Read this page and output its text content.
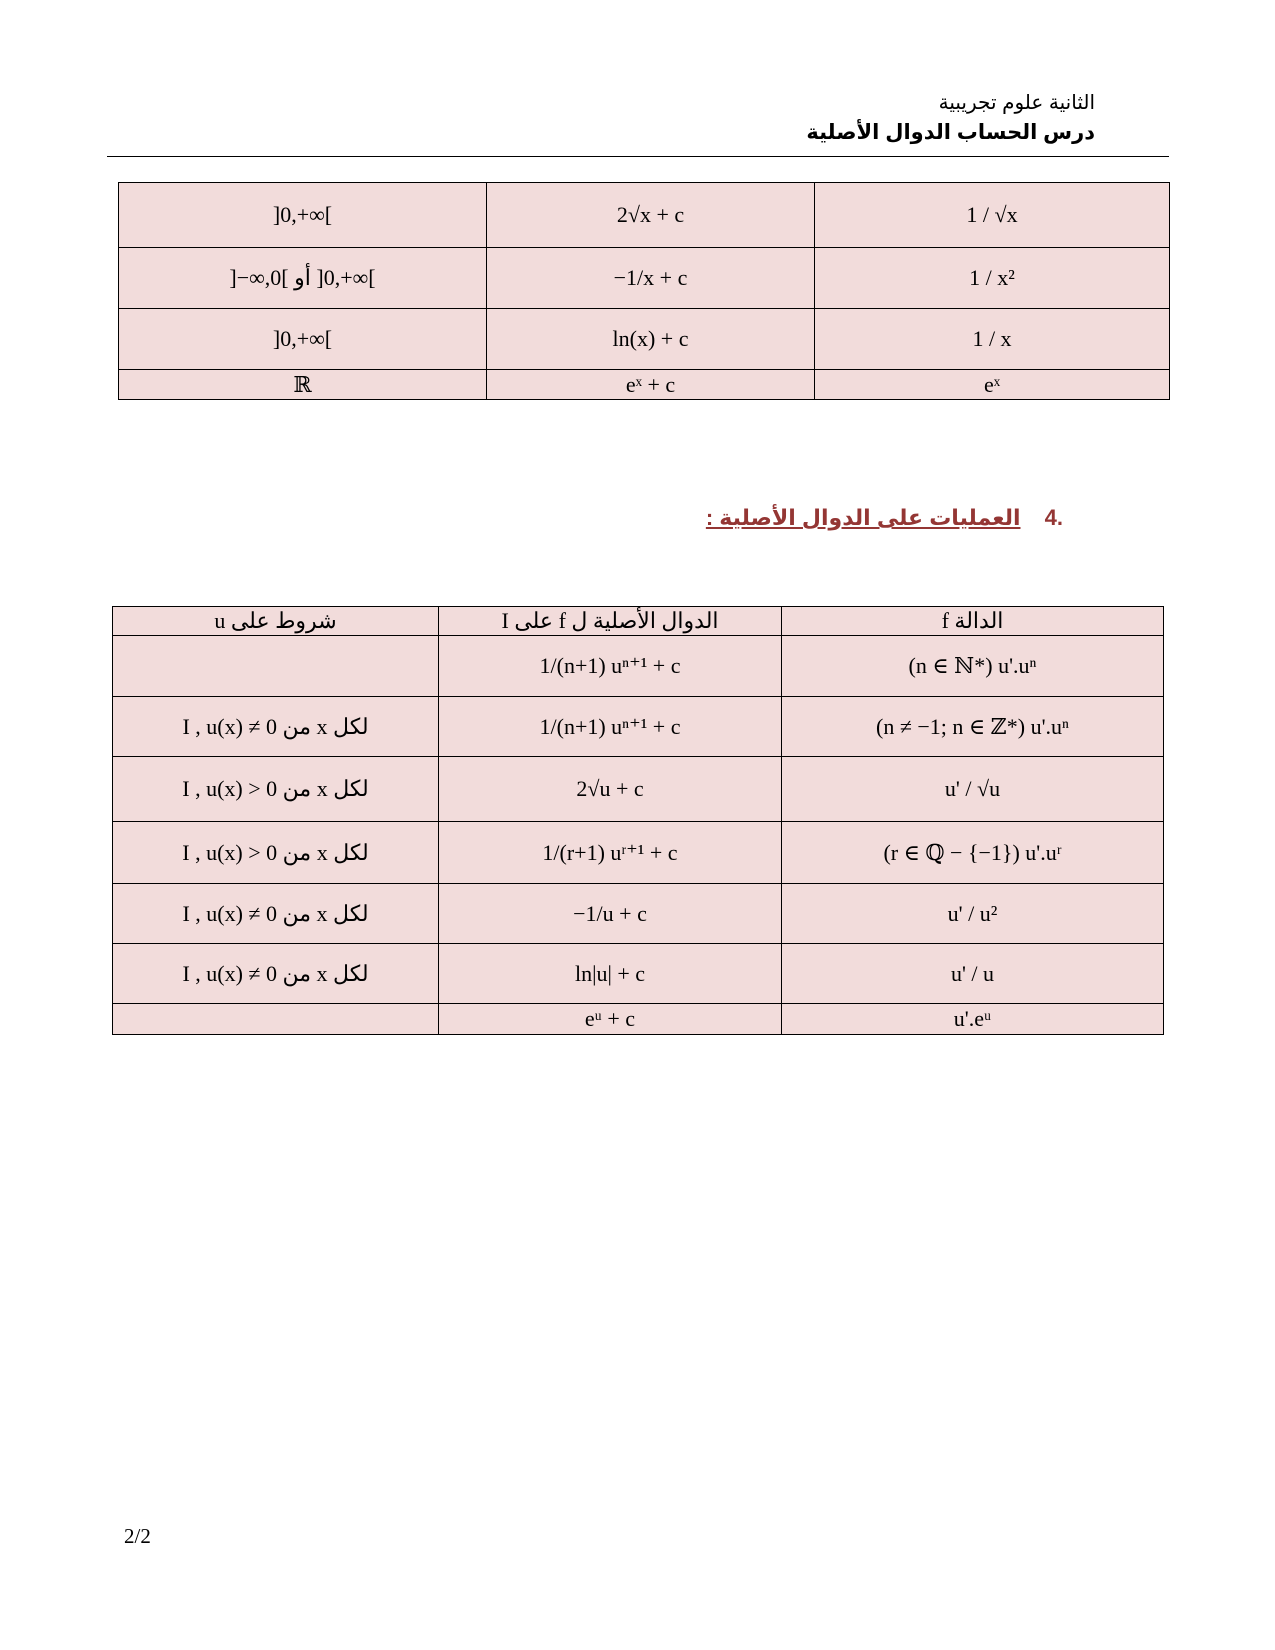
الثانية علوم تجريبية
درس الحساب الدوال الأصلية
]0,+∞[	2√x + c	1 / √x
]−∞,0[ أو ]0,+∞[	−1/x + c	1 / x²
]0,+∞[	ln(x) + c	1 / x
ℝ	eˣ + c	eˣ
.4 العمليات على الدوال الأصلية :
شروط على u	الدوال الأصلية ل f على I	الدالة f
	1/(n+1) uⁿ⁺¹ + c	(n ∈ ℕ*) u'.uⁿ
لكل x من I , u(x) ≠ 0	1/(n+1) uⁿ⁺¹ + c	(n ≠ −1; n ∈ ℤ*) u'.uⁿ
لكل x من I , u(x) > 0	2√u + c	u' / √u
لكل x من I , u(x) > 0	1/(r+1) uʳ⁺¹ + c	(r ∈ ℚ − {−1}) u'.uʳ
لكل x من I , u(x) ≠ 0	−1/u + c	u' / u²
لكل x من I , u(x) ≠ 0	ln|u| + c	u' / u
	eᵘ + c	u'.eᵘ
2/2
